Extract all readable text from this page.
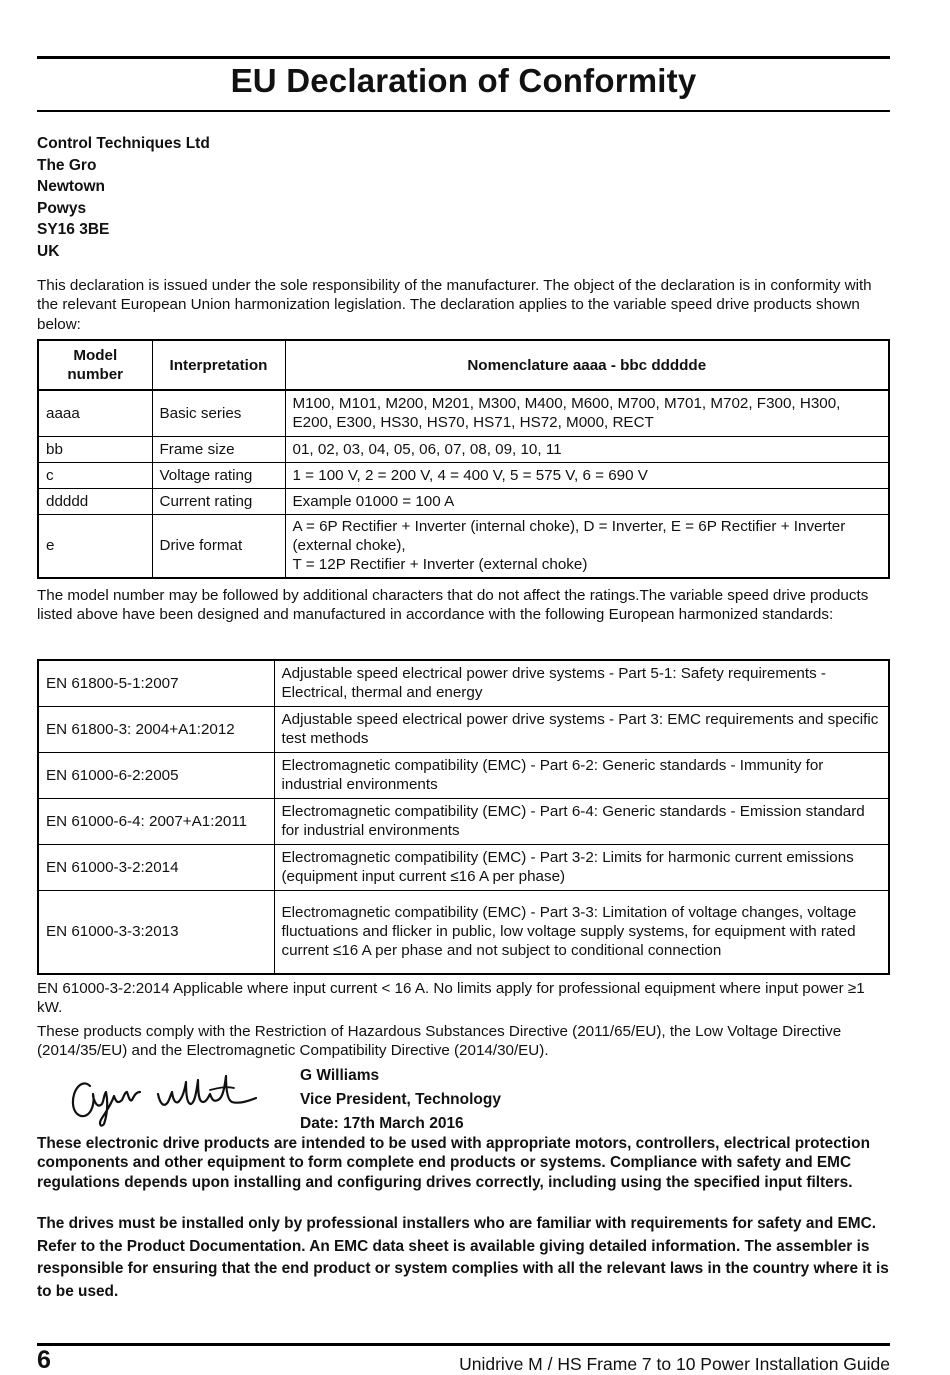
EU Declaration of Conformity
Control Techniques Ltd
The Gro
Newtown
Powys
SY16 3BE
UK
This declaration is issued under the sole responsibility of the manufacturer. The object of the declaration is in conformity with the relevant European Union harmonization legislation. The declaration applies to the variable speed drive products shown below:
Model number	Interpretation	Nomenclature aaaa - bbc ddddde
aaaa	Basic series	M100, M101, M200, M201, M300, M400, M600, M700, M701, M702, F300, H300, E200, E300, HS30, HS70, HS71, HS72, M000, RECT
bb	Frame size	01, 02, 03, 04, 05, 06, 07, 08, 09, 10, 11
c	Voltage rating	1 = 100 V, 2 = 200 V, 4 = 400 V, 5 = 575 V, 6 = 690 V
ddddd	Current rating	Example 01000 = 100 A
e	Drive format	A = 6P Rectifier + Inverter (internal choke), D = Inverter, E = 6P Rectifier + Inverter (external choke),
T = 12P Rectifier + Inverter (external choke)
The model number may be followed by additional characters that do not affect the ratings.The variable speed drive products listed above have been designed and manufactured in accordance with the following European harmonized standards:
EN 61800-5-1:2007	Adjustable speed electrical power drive systems - Part 5-1: Safety requirements - Electrical, thermal and energy
EN 61800-3: 2004+A1:2012	Adjustable speed electrical power drive systems - Part 3: EMC requirements and specific test methods
EN 61000-6-2:2005	Electromagnetic compatibility (EMC) - Part 6-2: Generic standards - Immunity for industrial environments
EN 61000-6-4: 2007+A1:2011	Electromagnetic compatibility (EMC) - Part 6-4: Generic standards - Emission standard for industrial environments
EN 61000-3-2:2014	Electromagnetic compatibility (EMC) - Part 3-2: Limits for harmonic current emissions (equipment input current ≤16 A per phase)
EN 61000-3-3:2013	Electromagnetic compatibility (EMC) - Part 3-3: Limitation of voltage changes, voltage fluctuations and flicker in public, low voltage supply systems, for equipment with rated current ≤16 A per phase and not subject to conditional connection
EN 61000-3-2:2014 Applicable where input current < 16 A. No limits apply for professional equipment where input power ≥1 kW.
These products comply with the Restriction of Hazardous Substances Directive (2011/65/EU), the Low Voltage Directive (2014/35/EU) and the Electromagnetic Compatibility Directive (2014/30/EU).
G Williams
Vice President, Technology
Date: 17th March 2016
These electronic drive products are intended to be used with appropriate motors, controllers, electrical protection components and other equipment to form complete end products or systems. Compliance with safety and EMC regulations depends upon installing and configuring drives correctly, including using the specified input filters.
The drives must be installed only by professional installers who are familiar with requirements for safety and EMC. Refer to the Product Documentation. An EMC data sheet is available giving detailed information. The assembler is responsible for ensuring that the end product or system complies with all the relevant laws in the country where it is to be used.
6	Unidrive M / HS Frame 7 to 10 Power Installation Guide
